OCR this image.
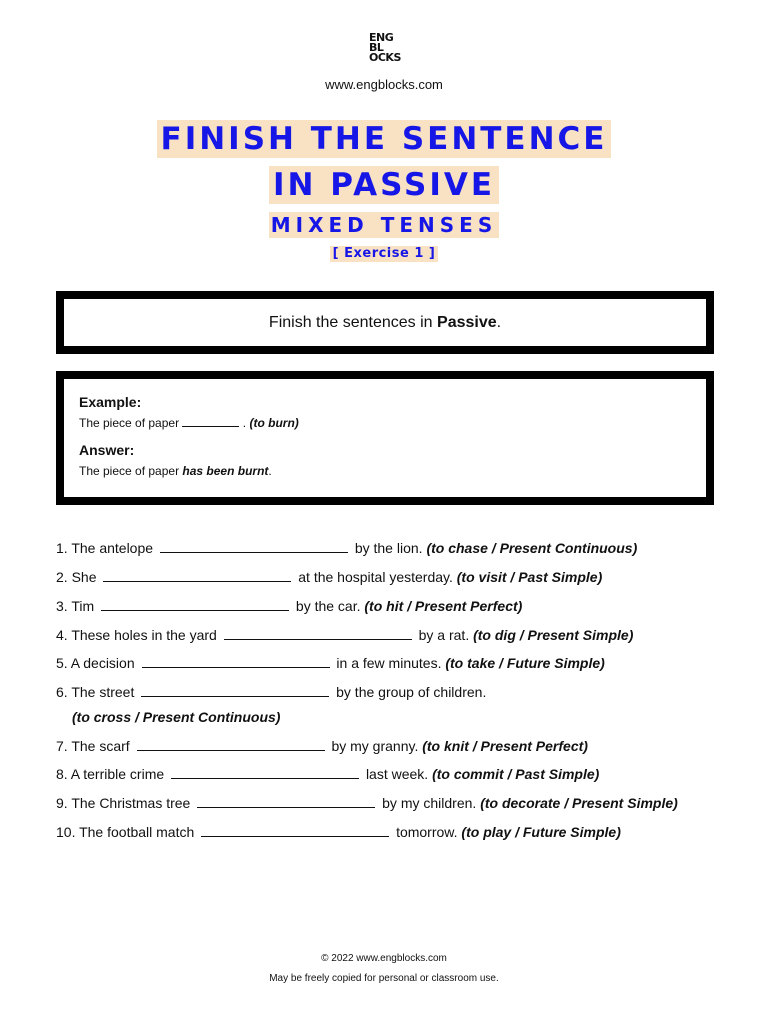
ENG
BL
OCKS
www.engblocks.com
FINISH THE SENTENCE
IN PASSIVE
MIXED TENSES
[ Exercise 1 ]
Finish the sentences in Passive.

Example:

The piece of paper	. (to burn)

Answer:

The piece of paper has been burnt.

1. The antelope	by the lion. (to chase / Present Continuous)
2. She	at the hospital yesterday. (to visit / Past Simple)
3. Tim	by the car. (to hit / Present Perfect)
4. These holes in the yard	by a rat. (to dig / Present Simple)
5. A decision	in a few minutes. (to take / Future Simple)
6. The street	by the group of children.
(to cross / Present Continuous)
7. The scarf	by my granny. (to knit / Present Perfect)
8. A terrible crime	last week. (to commit / Past Simple)
9. The Christmas tree	by my children. (to decorate / Present Simple)
10. The football match	tomorrow. (to play / Future Simple)
© 2022 www.engblocks.com
May be freely copied for personal or classroom use.
